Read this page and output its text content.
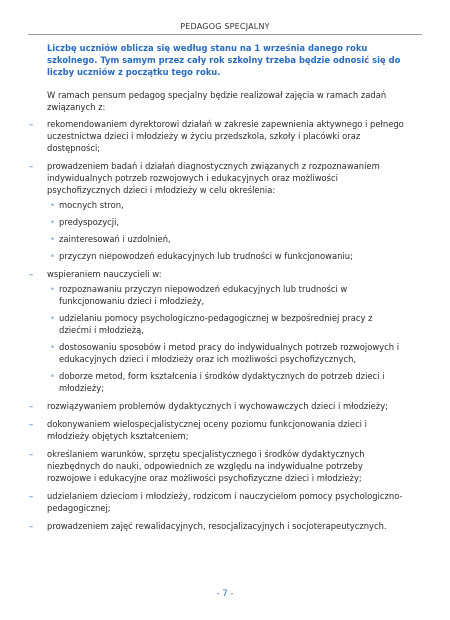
PEDAGOG SPECJALNY

Liczbę uczniów oblicza się według stanu na 1 września danego roku szkolnego. Tym samym przez cały rok szkolny trzeba będzie odnosić się do liczby uczniów z początku tego roku.

W ramach pensum pedagog specjalny będzie realizował zajęcia w ramach zadań związanych z:

– rekomendowaniem dyrektorowi działań w zakresie zapewnienia aktywnego i pełnego uczestnictwa dzieci i młodzieży w życiu przedszkola, szkoły i placówki oraz dostępności;
– prowadzeniem badań i działań diagnostycznych związanych z rozpoznawaniem indywidualnych potrzeb rozwojowych i edukacyjnych oraz możliwości psychofizycznych dzieci i młodzieży w celu określenia:
• mocnych stron,
• predyspozycji,
• zainteresowań i uzdolnień,
• przyczyn niepowodzeń edukacyjnych lub trudności w funkcjonowaniu;
– wspieraniem nauczycieli w:
• rozpoznawaniu przyczyn niepowodzeń edukacyjnych lub trudności w funkcjonowaniu dzieci i młodzieży,
• udzielaniu pomocy psychologiczno-pedagogicznej w bezpośredniej pracy z dziećmi i młodzieżą,
• dostosowaniu sposobów i metod pracy do indywidualnych potrzeb rozwojowych i edukacyjnych dzieci i młodzieży oraz ich możliwości psychofizycznych,
• doborze metod, form kształcenia i środków dydaktycznych do potrzeb dzieci i młodzieży;
– rozwiązywaniem problemów dydaktycznych i wychowawczych dzieci i młodzieży;
– dokonywaniem wielospecjalistycznej oceny poziomu funkcjonowania dzieci i młodzieży objętych kształceniem;
– określaniem warunków, sprzętu specjalistycznego i środków dydaktycznych niezbędnych do nauki, odpowiednich ze względu na indywidualne potrzeby rozwojowe i edukacyjne oraz możliwości psychofizyczne dzieci i młodzieży;
– udzielaniem dzieciom i młodzieży, rodzicom i nauczycielom pomocy psychologiczno-pedagogicznej;
– prowadzeniem zajęć rewalidacyjnych, resocjalizacyjnych i socjoterapeutycznych.
- 7 -
